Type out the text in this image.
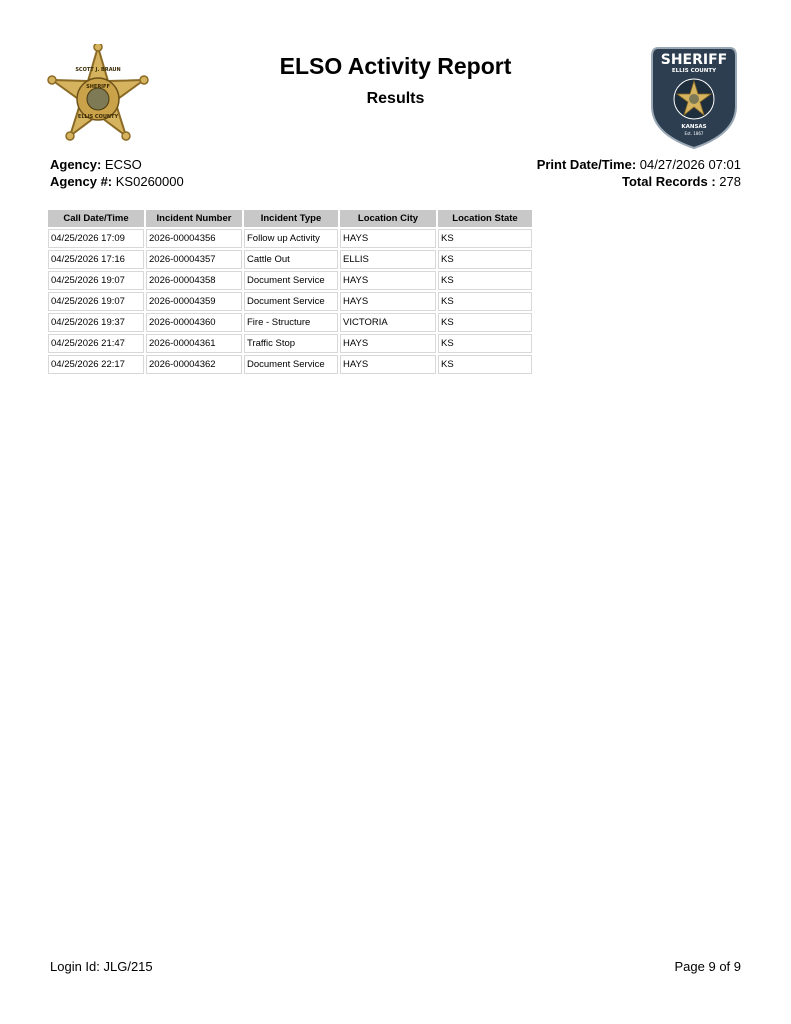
SHERIFF
SCOTT J. BRAUN
ELLIS COUNTY
SHERIFF
ELLIS COUNTY
KANSAS
Est. 1867
ELSO Activity Report
Results
Agency: ECSO
Agency #: KS0260000
Print Date/Time: 04/27/2026 07:01
Total Records : 278
Call Date/Time	Incident Number	Incident Type	Location City	Location State
04/25/2026 17:09	2026-00004356	Follow up Activity	HAYS	KS
04/25/2026 17:16	2026-00004357	Cattle Out	ELLIS	KS
04/25/2026 19:07	2026-00004358	Document Service	HAYS	KS
04/25/2026 19:07	2026-00004359	Document Service	HAYS	KS
04/25/2026 19:37	2026-00004360	Fire - Structure	VICTORIA	KS
04/25/2026 21:47	2026-00004361	Traffic Stop	HAYS	KS
04/25/2026 22:17	2026-00004362	Document Service	HAYS	KS
Login Id: JLG/215	Page 9 of 9
